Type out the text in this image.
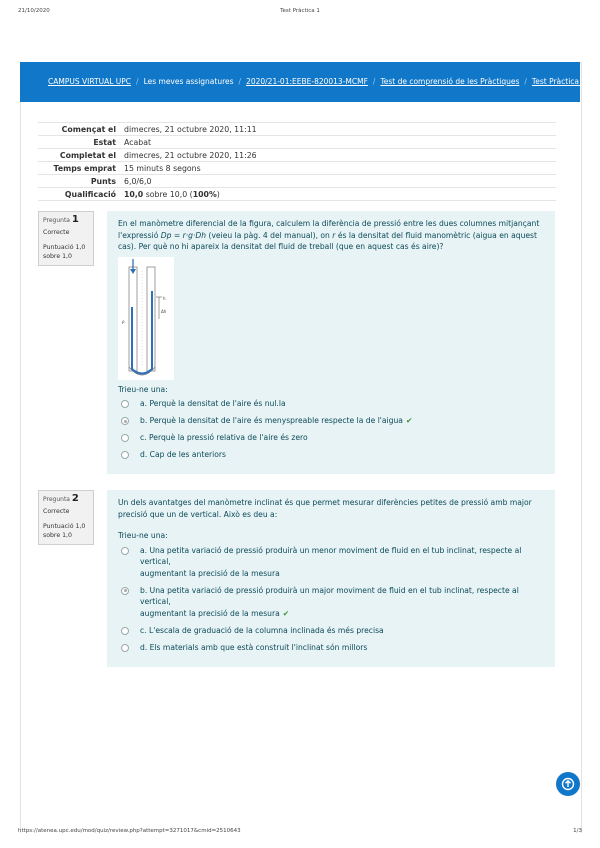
21/10/2020	Test Pràctica 1
CAMPUS VIRTUAL UPC / Les meves assignatures / 2020/21-01:EEBE-820013-MCMF / Test de comprensió de les Pràctiques / Test Pràctica 1
Començat el	dimecres, 21 octubre 2020, 11:11
Estat	Acabat
Completat el	dimecres, 21 octubre 2020, 11:26
Temps emprat	15 minuts 8 segons
Punts	6,0/6,0
Qualificació	10,0 sobre 10,0 (100%)
Pregunta 1
Correcte
Puntuació 1,0
sobre 1,0

En el manòmetre diferencial de la figura, calculem la diferència de pressió entre les dues columnes mitjançant l'expressió Dp = r·g·Dh (veieu la pàg. 4 del manual), on r és la densitat del fluid manomètric (aigua en aquest cas). Per què no hi apareix la densitat del fluid de treball (que en aquest cas és aire)?

h
Δh
ρ

Trieu-ne una:

a. Perquè la densitat de l'aire és nul.la
b. Perquè la densitat de l'aire és menyspreable respecte la de l'aigua ✔
c. Perquè la pressió relativa de l'aire és zero
d. Cap de les anteriors
Pregunta 2
Correcte
Puntuació 1,0
sobre 1,0

Un dels avantatges del manòmetre inclinat és que permet mesurar diferències petites de pressió amb major precisió que un de vertical. Això es deu a:

Trieu-ne una:

a. Una petita variació de pressió produirà un menor moviment de fluid en el tub inclinat, respecte al vertical,
augmentant la precisió de la mesura
b. Una petita variació de pressió produirà un major moviment de fluid en el tub inclinat, respecte al vertical,
augmentant la precisió de la mesura ✔
c. L'escala de graduació de la columna inclinada és més precisa
d. Els materials amb que està construit l'inclinat són millors
https://atenea.upc.edu/mod/quiz/review.php?attempt=3271017&cmid=2510643	1/3
